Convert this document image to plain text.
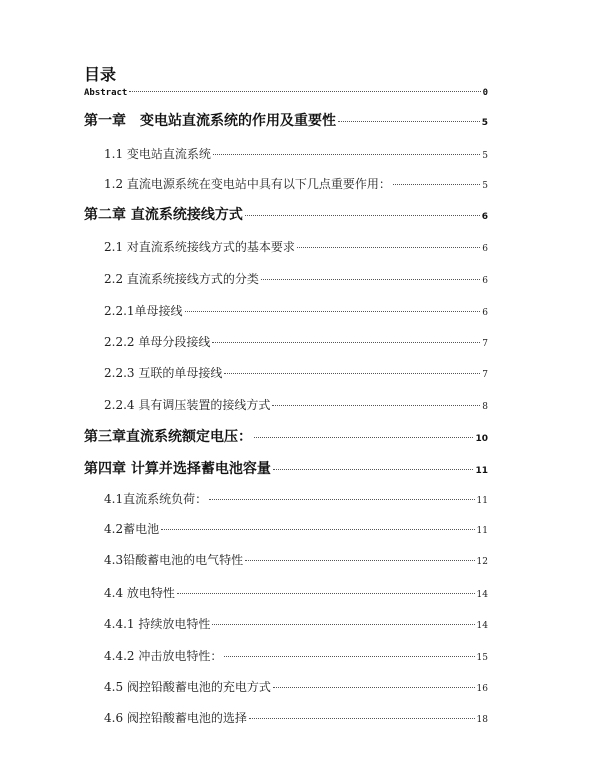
目录
Abstract	0
第一章　变电站直流系统的作用及重要性	5
1.1 变电站直流系统	5
1.2 直流电源系统在变电站中具有以下几点重要作用：	5
第二章 直流系统接线方式	6
2.1 对直流系统接线方式的基本要求	6
2.2 直流系统接线方式的分类	6
2.2.1单母接线	6
2.2.2 单母分段接线	7
2.2.3 互联的单母接线	7
2.2.4 具有调压装置的接线方式	8
第三章直流系统额定电压：	10
第四章 计算并选择蓄电池容量	11
4.1直流系统负荷：	11
4.2蓄电池	11
4.3铅酸蓄电池的电气特性	12
4.4 放电特性	14
4.4.1 持续放电特性	14
4.4.2 冲击放电特性：	15
4.5 阀控铅酸蓄电池的充电方式	16
4.6 阀控铅酸蓄电池的选择	18
